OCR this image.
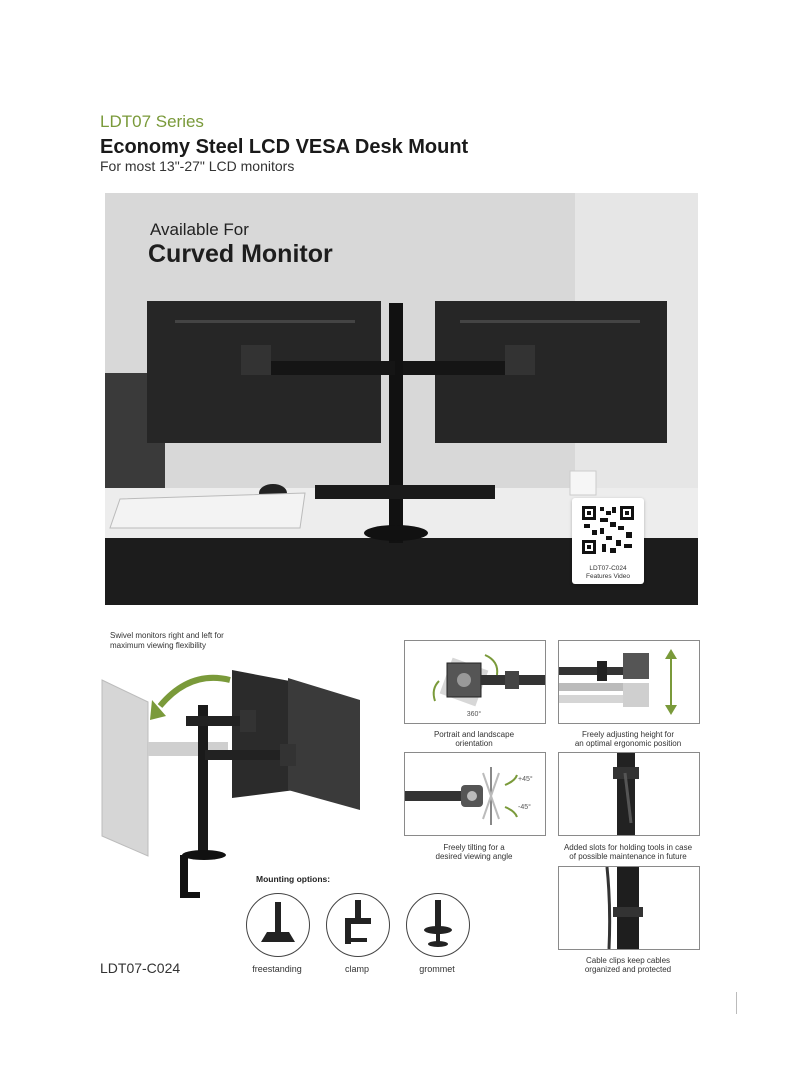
LDT07 Series
Economy Steel LCD VESA Desk Mount
For most 13"-27" LCD monitors
Available For
Curved Monitor
LDT07-C024
Features Video
Swivel monitors right and left for
maximum viewing flexibility
360°
Portrait and landscape
orientation
Freely adjusting height for
an optimal ergonomic position
+45°
-45°
Freely tilting for a
desired viewing angle
Added slots for holding tools in case
of possible maintenance in future
Cable clips keep cables
organized and protected
Mounting options:
freestanding	clamp	grommet
LDT07-C024
